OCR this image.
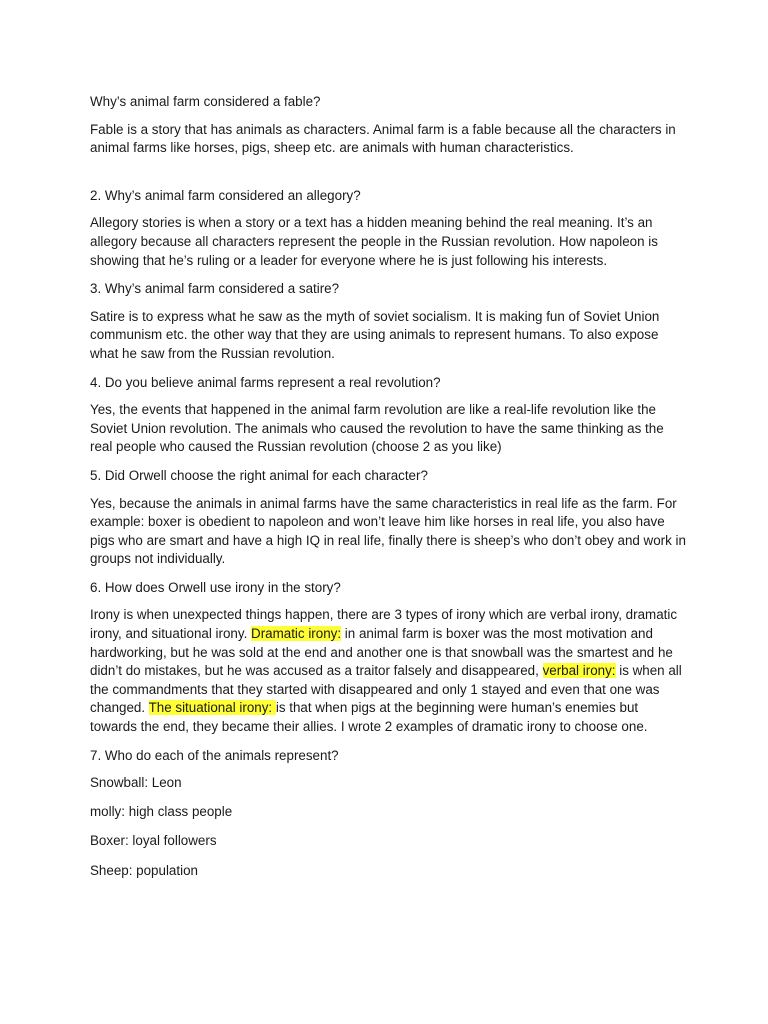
Why’s animal farm considered a fable?

Fable is a story that has animals as characters. Animal farm is a fable because all the characters in animal farms like horses, pigs, sheep etc. are animals with human characteristics.

2. Why’s animal farm considered an allegory?

Allegory stories is when a story or a text has a hidden meaning behind the real meaning. It’s an allegory because all characters represent the people in the Russian revolution. How napoleon is showing that he’s ruling or a leader for everyone where he is just following his interests.

3. Why’s animal farm considered a satire?

Satire is to express what he saw as the myth of soviet socialism. It is making fun of Soviet Union communism etc. the other way that they are using animals to represent humans. To also expose what he saw from the Russian revolution.

4. Do you believe animal farms represent a real revolution?

Yes, the events that happened in the animal farm revolution are like a real-life revolution like the Soviet Union revolution. The animals who caused the revolution to have the same thinking as the real people who caused the Russian revolution (choose 2 as you like)

5. Did Orwell choose the right animal for each character?

Yes, because the animals in animal farms have the same characteristics in real life as the farm. For example: boxer is obedient to napoleon and won’t leave him like horses in real life, you also have pigs who are smart and have a high IQ in real life, finally there is sheep’s who don’t obey and work in groups not individually.

6. How does Orwell use irony in the story?

Irony is when unexpected things happen, there are 3 types of irony which are verbal irony, dramatic irony, and situational irony. Dramatic irony: in animal farm is boxer was the most motivation and hardworking, but he was sold at the end and another one is that snowball was the smartest and he didn’t do mistakes, but he was accused as a traitor falsely and disappeared, verbal irony: is when all the commandments that they started with disappeared and only 1 stayed and even that one was changed. The situational irony: is that when pigs at the beginning were human’s enemies but towards the end, they became their allies. I wrote 2 examples of dramatic irony to choose one.

7. Who do each of the animals represent?

Snowball: Leon

molly: high class people

Boxer: loyal followers

Sheep: population
